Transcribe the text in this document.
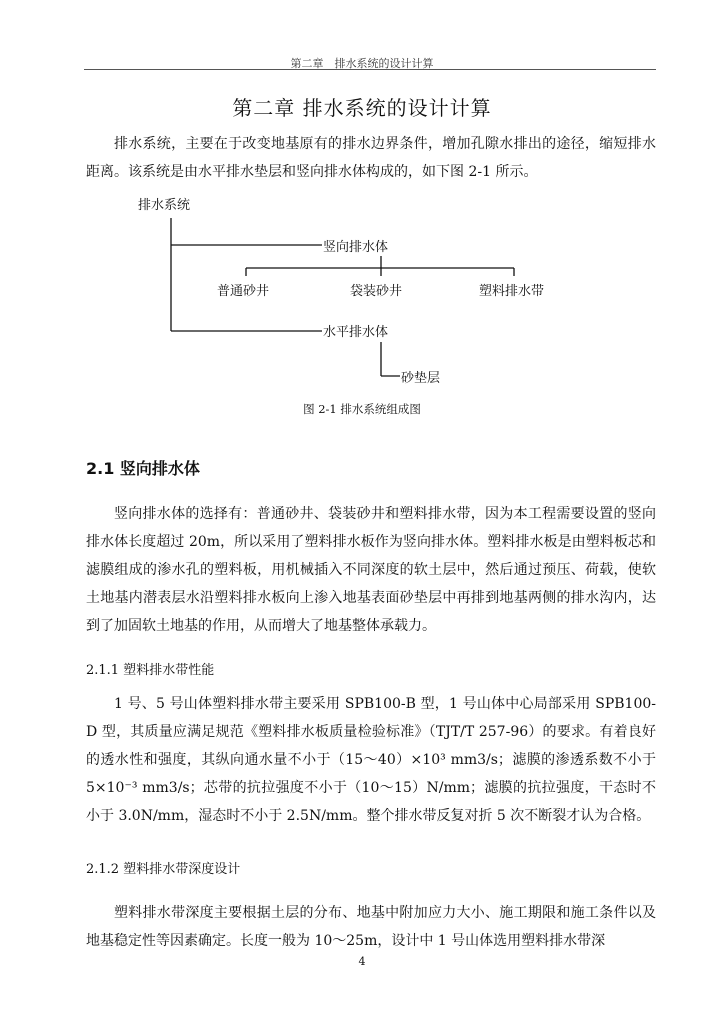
第二章　排水系统的设计计算
第二章 排水系统的设计计算

排水系统，主要在于改变地基原有的排水边界条件，增加孔隙水排出的途径，缩短排水距离。该系统是由水平排水垫层和竖向排水体构成的，如下图 2-1 所示。

排水系统
竖向排水体
普通砂井	袋装砂井	塑料排水带
水平排水体
砂垫层
图 2-1 排水系统组成图
2.1 竖向排水体

竖向排水体的选择有：普通砂井、袋装砂井和塑料排水带，因为本工程需要设置的竖向排水体长度超过 20m，所以采用了塑料排水板作为竖向排水体。塑料排水板是由塑料板芯和滤膜组成的渗水孔的塑料板，用机械插入不同深度的软土层中，然后通过预压、荷载，使软土地基内潜表层水沿塑料排水板向上渗入地基表面砂垫层中再排到地基两侧的排水沟内，达到了加固软土地基的作用，从而增大了地基整体承载力。

2.1.1 塑料排水带性能

1 号、5 号山体塑料排水带主要采用 SPB100-B 型，1 号山体中心局部采用 SPB100-D 型，其质量应满足规范《塑料排水板质量检验标准》（TJT/T 257-96）的要求。有着良好的透水性和强度，其纵向通水量不小于（15～40）×10³ mm3/s；滤膜的渗透系数不小于 5×10⁻³ mm3/s；芯带的抗拉强度不小于（10～15）N/mm；滤膜的抗拉强度，干态时不小于 3.0N/mm，湿态时不小于 2.5N/mm。整个排水带反复对折 5 次不断裂才认为合格。

2.1.2 塑料排水带深度设计

塑料排水带深度主要根据土层的分布、地基中附加应力大小、施工期限和施工条件以及地基稳定性等因素确定。长度一般为 10～25m，设计中 1 号山体选用塑料排水带深

4
